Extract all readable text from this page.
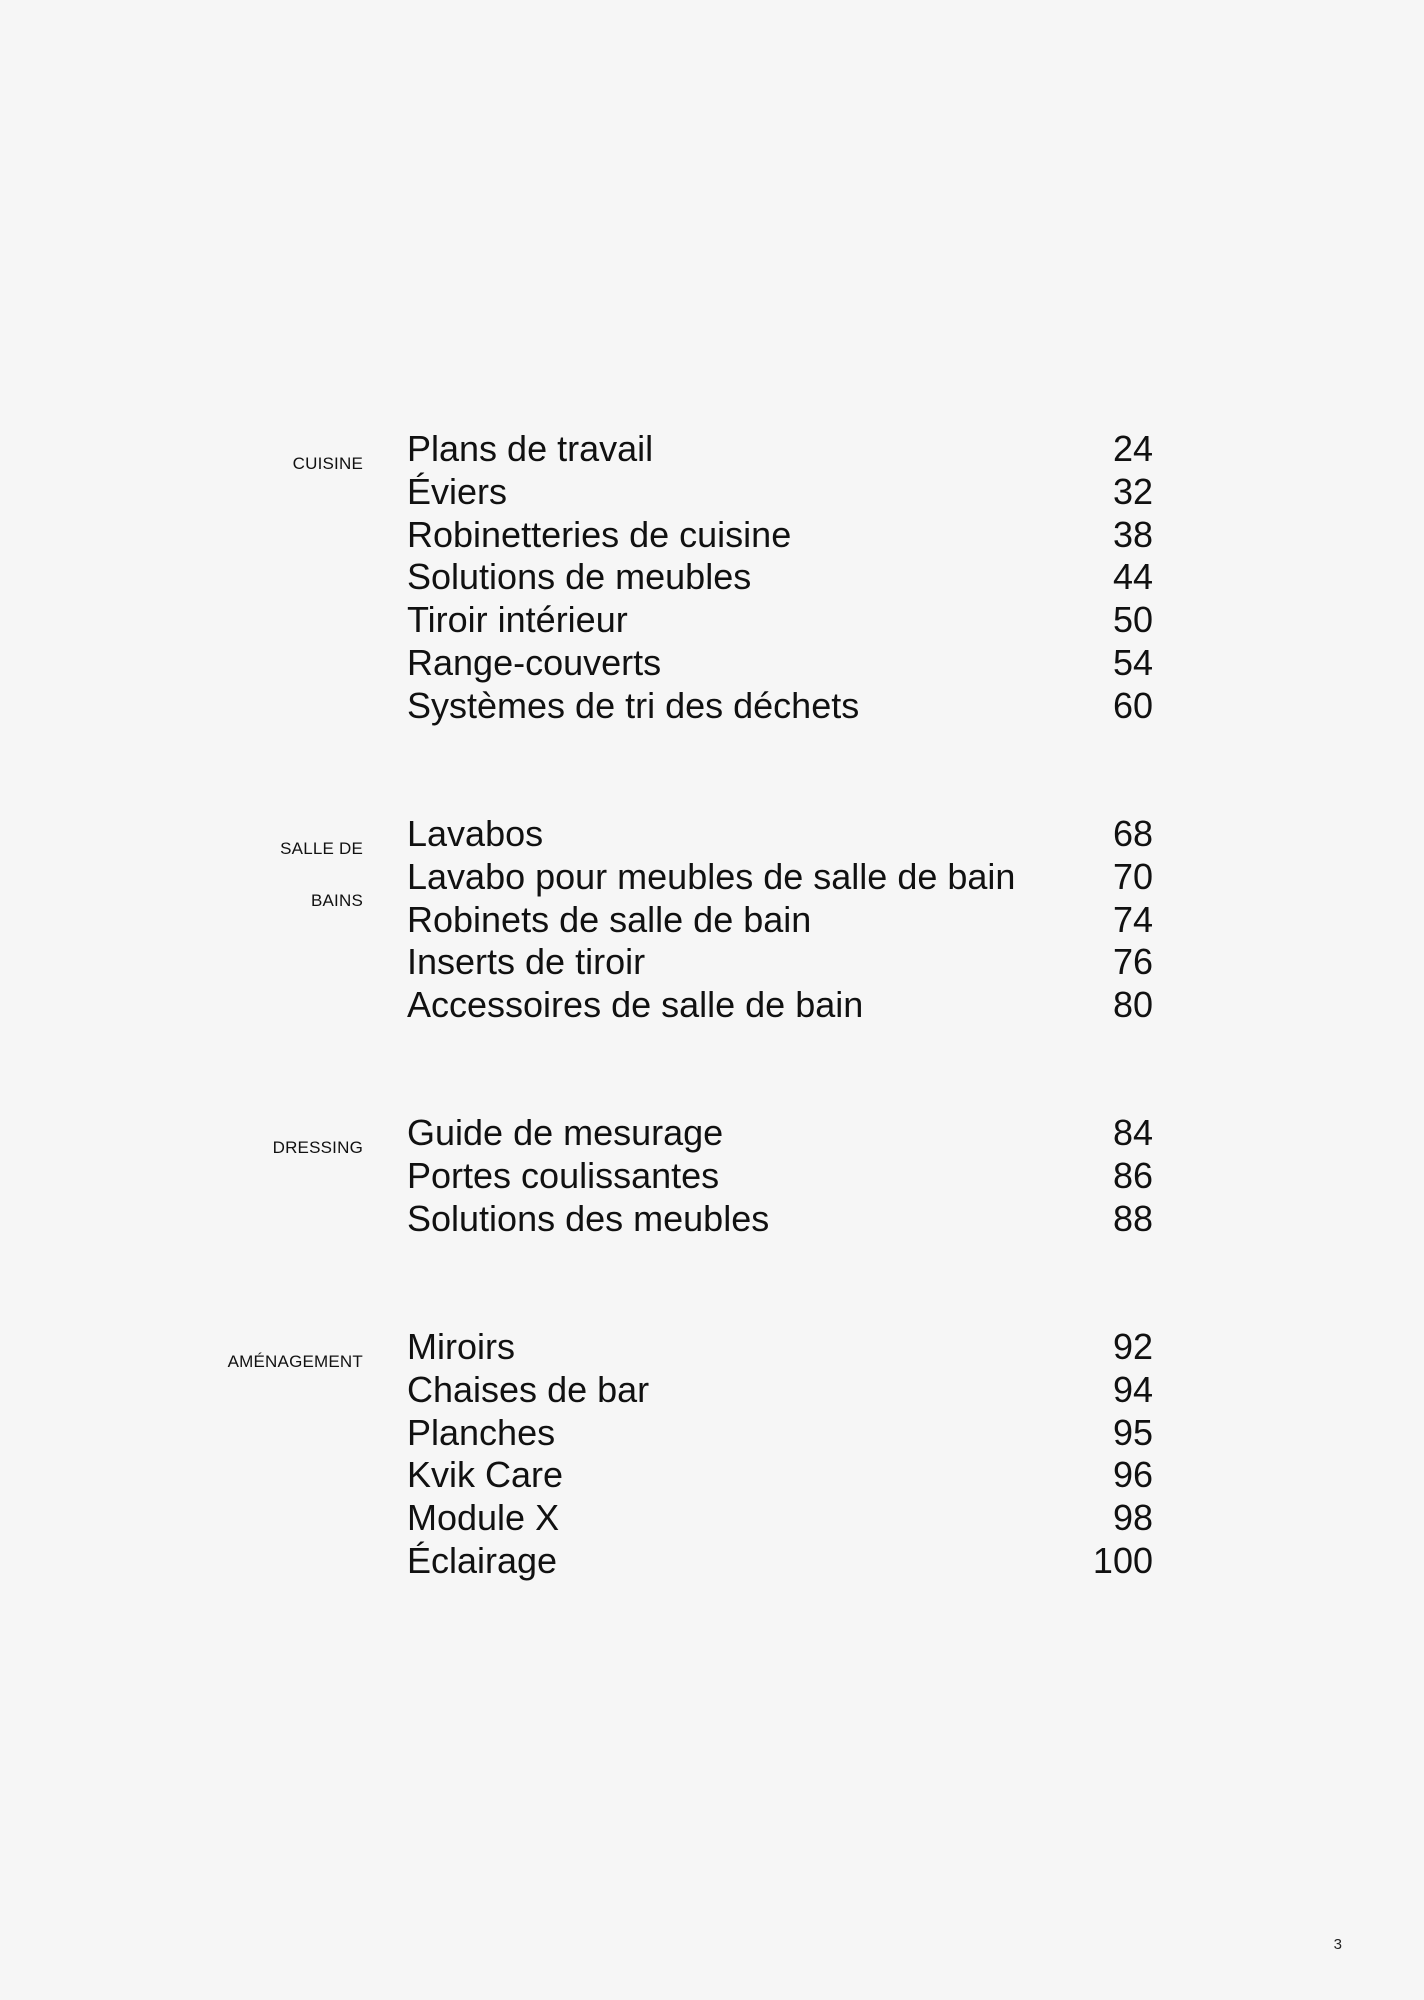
CUISINE Plans de travail	24
Éviers	32
Robinetteries de cuisine	38
Solutions de meubles	44
Tiroir intérieur	50
Range-couverts	54
Systèmes de tri des déchets	60
SALLE DE
BAINS
Lavabos	68
Lavabo pour meubles de salle de bain	70
Robinets de salle de bain	74
Inserts de tiroir	76
Accessoires de salle de bain	80
DRESSING Guide de mesurage	84
Portes coulissantes	86
Solutions des meubles	88
AMÉNAGEMENT Miroirs	92
Chaises de bar	94
Planches	95
Kvik Care	96
Module X	98
Éclairage	100
3
